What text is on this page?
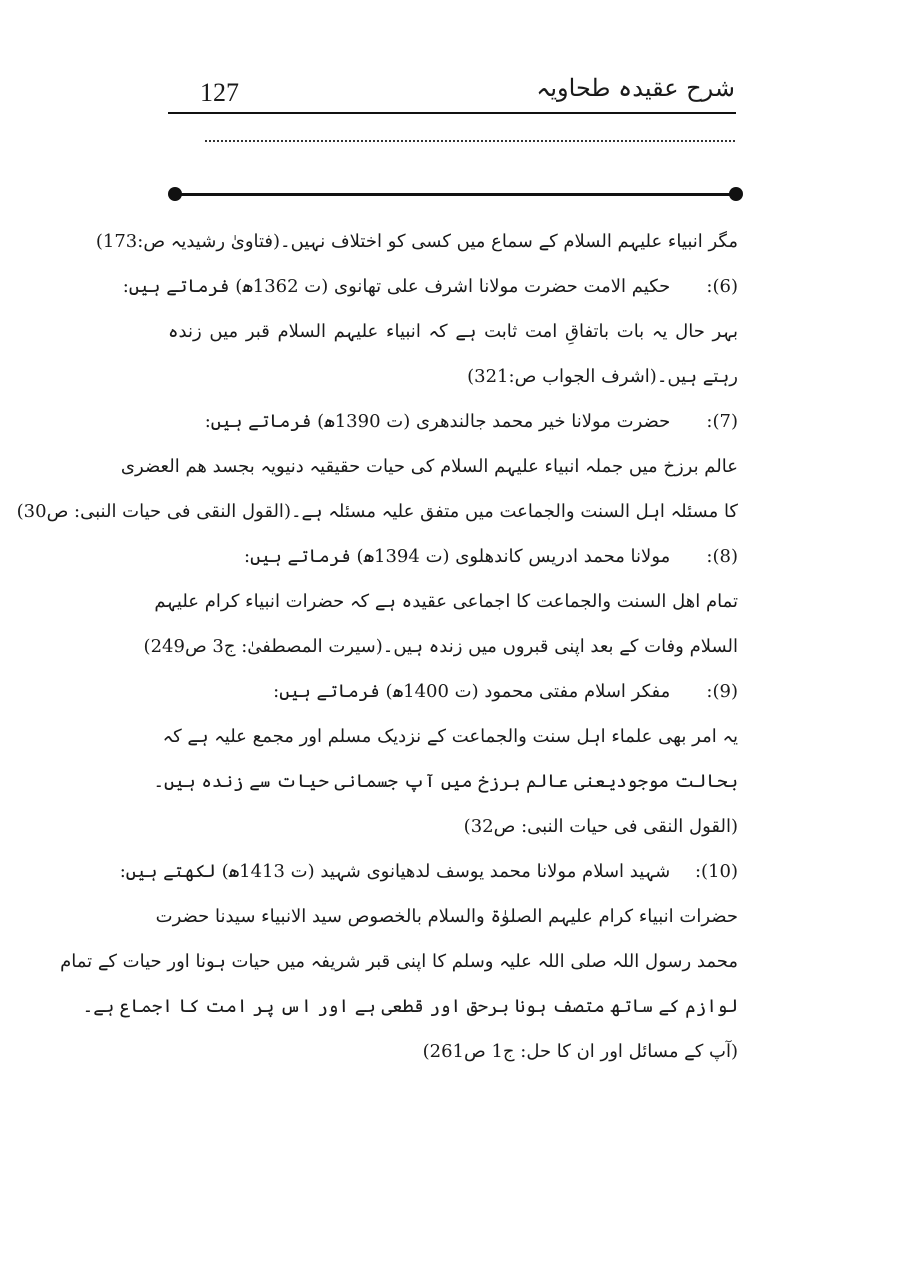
127	شرح عقیدہ طحاویہ
مگر انبیاء علیہم السلام کے سماع میں کسی کو اختلاف نہیں۔(فتاویٰ رشیدیہ ص:173)
(6): حکیم الامت حضرت مولانا اشرف علی تھانوی (ت 1362ھ) فرماتے ہیں:
بہر حال یہ بات باتفاقِ امت ثابت ہے کہ انبیاء علیہم السلام قبر میں زندہ
رہتے ہیں۔(اشرف الجواب ص:321)
(7): حضرت مولانا خیر محمد جالندھری (ت 1390ھ) فرماتے ہیں:
عالم برزخ میں جملہ انبیاء علیہم السلام کی حیات حقیقیہ دنیویہ بجسد ھم العضری
کا مسئلہ اہل السنت والجماعت میں متفق علیہ مسئلہ ہے۔(القول النقی فی حیات النبی: ص30)
(8): مولانا محمد ادریس کاندھلوی (ت 1394ھ) فرماتے ہیں:
تمام اھل السنت والجماعت کا اجماعی عقیدہ ہے کہ حضرات انبیاء کرام علیہم
السلام وفات کے بعد اپنی قبروں میں زندہ ہیں۔(سیرت المصطفیٰ: ج3 ص249)
(9): مفکر اسلام مفتی محمود (ت 1400ھ) فرماتے ہیں:
یہ امر بھی علماء اہل سنت والجماعت کے نزدیک مسلم اور مجمع علیہ ہے کہ
بحالت موجودیعنی عالم برزخ میں آپ جسمانی حیات سے زندہ ہیں۔
(القول النقی فی حیات النبی: ص32)
(10): شہید اسلام مولانا محمد یوسف لدھیانوی شہید (ت 1413ھ) لکھتے ہیں:
حضرات انبیاء کرام علیہم الصلوٰۃ والسلام بالخصوص سید الانبیاء سیدنا حضرت
محمد رسول اللہ صلی اللہ علیہ وسلم کا اپنی قبر شریفہ میں حیات ہونا اور حیات کے تمام
لوازم کے ساتھ متصف ہونا برحق اور قطعی ہے اور اس پر امت کا اجماع ہے۔
(آپ کے مسائل اور ان کا حل: ج1 ص261)
